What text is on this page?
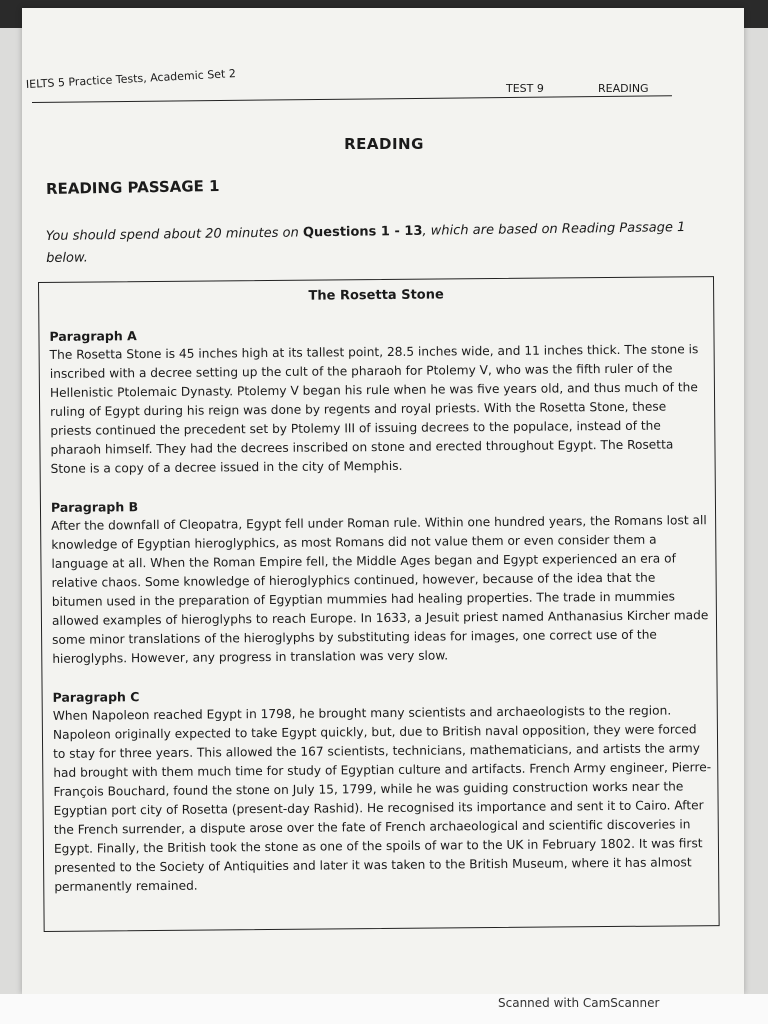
IELTS 5 Practice Tests, Academic Set 2	TEST 9	READING
READING
READING PASSAGE 1
You should spend about 20 minutes on Questions 1 - 13, which are based on Reading Passage 1 below.
The Rosetta Stone
Paragraph A
The Rosetta Stone is 45 inches high at its tallest point, 28.5 inches wide, and 11 inches thick. The stone is inscribed with a decree setting up the cult of the pharaoh for Ptolemy V, who was the fifth ruler of the Hellenistic Ptolemaic Dynasty. Ptolemy V began his rule when he was five years old, and thus much of the ruling of Egypt during his reign was done by regents and royal priests. With the Rosetta Stone, these priests continued the precedent set by Ptolemy III of issuing decrees to the populace, instead of the pharaoh himself. They had the decrees inscribed on stone and erected throughout Egypt. The Rosetta Stone is a copy of a decree issued in the city of Memphis.
Paragraph B
After the downfall of Cleopatra, Egypt fell under Roman rule. Within one hundred years, the Romans lost all knowledge of Egyptian hieroglyphics, as most Romans did not value them or even consider them a language at all. When the Roman Empire fell, the Middle Ages began and Egypt experienced an era of relative chaos. Some knowledge of hieroglyphics continued, however, because of the idea that the bitumen used in the preparation of Egyptian mummies had healing properties. The trade in mummies allowed examples of hieroglyphs to reach Europe. In 1633, a Jesuit priest named Anthanasius Kircher made some minor translations of the hieroglyphs by substituting ideas for images, one correct use of the hieroglyphs. However, any progress in translation was very slow.
Paragraph C
When Napoleon reached Egypt in 1798, he brought many scientists and archaeologists to the region. Napoleon originally expected to take Egypt quickly, but, due to British naval opposition, they were forced to stay for three years. This allowed the 167 scientists, technicians, mathematicians, and artists the army had brought with them much time for study of Egyptian culture and artifacts. French Army engineer, Pierre-François Bouchard, found the stone on July 15, 1799, while he was guiding construction works near the Egyptian port city of Rosetta (present-day Rashid). He recognised its importance and sent it to Cairo. After the French surrender, a dispute arose over the fate of French archaeological and scientific discoveries in Egypt. Finally, the British took the stone as one of the spoils of war to the UK in February 1802. It was first presented to the Society of Antiquities and later it was taken to the British Museum, where it has almost permanently remained.
Scanned with CamScanner
